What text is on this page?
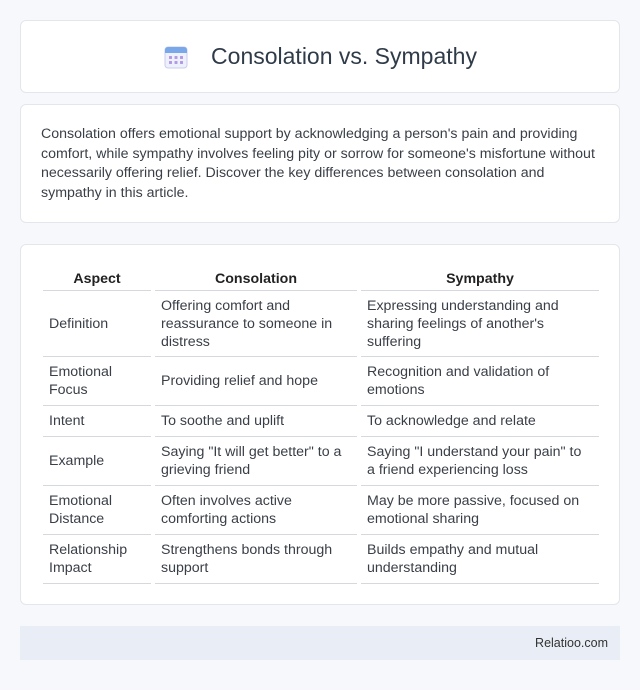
Consolation vs. Sympathy

Consolation offers emotional support by acknowledging a person's pain and providing comfort, while sympathy involves feeling pity or sorrow for someone's misfortune without necessarily offering relief. Discover the key differences between consolation and sympathy in this article.

Aspect		Consolation		Sympathy
Definition		Offering comfort and reassurance to someone in distress		Expressing understanding and sharing feelings of another's suffering
Emotional Focus		Providing relief and hope		Recognition and validation of emotions
Intent		To soothe and uplift		To acknowledge and relate
Example		Saying "It will get better" to a grieving friend		Saying "I understand your pain" to a friend experiencing loss
Emotional Distance		Often involves active comforting actions		May be more passive, focused on emotional sharing
Relationship Impact		Strengthens bonds through support		Builds empathy and mutual understanding
Relatioo.com
